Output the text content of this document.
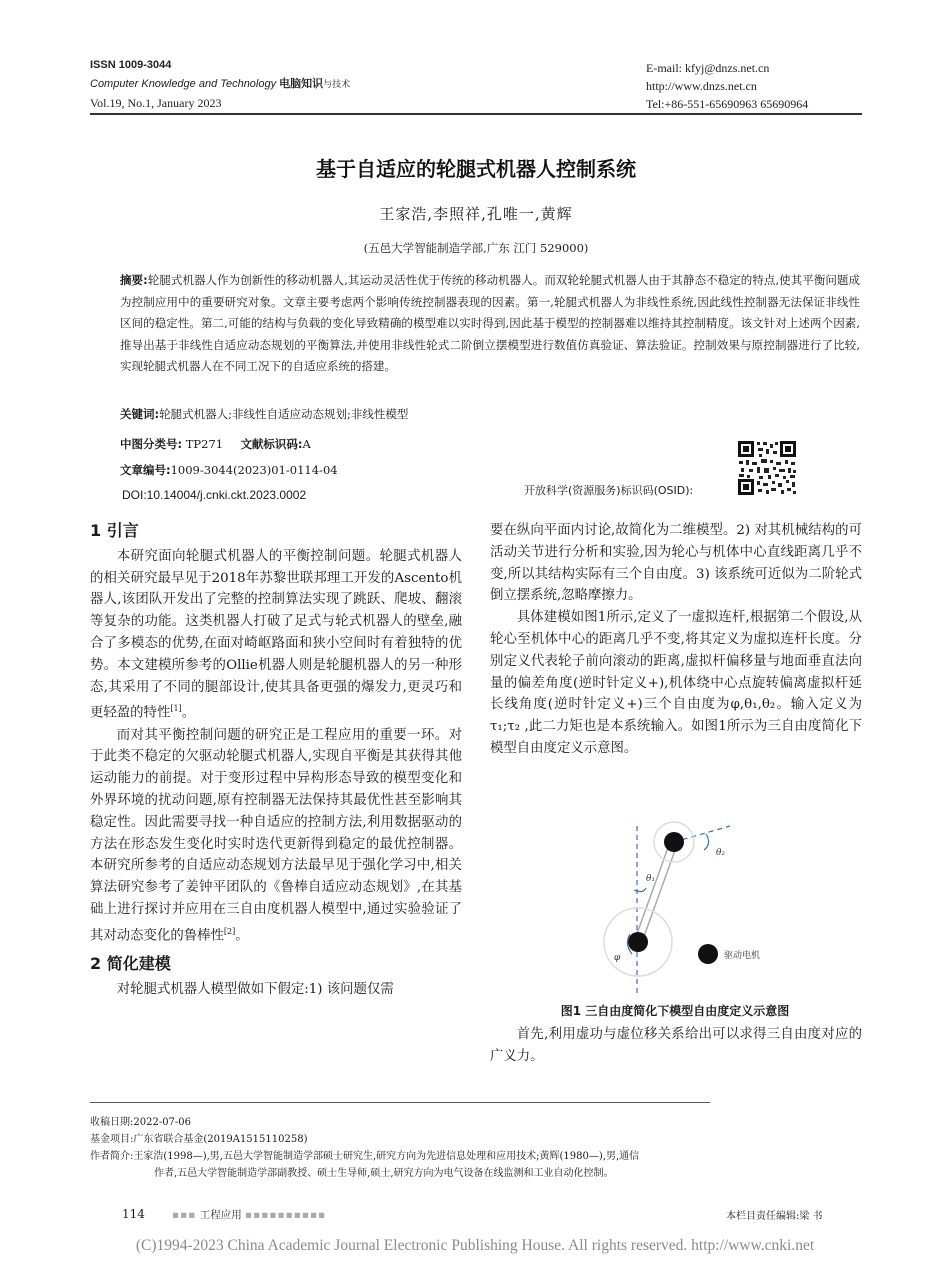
ISSN 1009-3044
Computer Knowledge and Technology 电脑知识与技术
Vol.19, No.1, January 2023
E-mail: kfyj@dnzs.net.cn
http://www.dnzs.net.cn
Tel:+86-551-65690963 65690964
基于自适应的轮腿式机器人控制系统
王家浩,李照祥,孔唯一,黄辉
(五邑大学智能制造学部,广东 江门 529000)
摘要:轮腿式机器人作为创新性的移动机器人,其运动灵活性优于传统的移动机器人。而双轮轮腿式机器人由于其静态不稳定的特点,使其平衡问题成为控制应用中的重要研究对象。文章主要考虑两个影响传统控制器表现的因素。第一,轮腿式机器人为非线性系统,因此线性控制器无法保证非线性区间的稳定性。第二,可能的结构与负载的变化导致精确的模型难以实时得到,因此基于模型的控制器难以维持其控制精度。该文针对上述两个因素,推导出基于非线性自适应动态规划的平衡算法,并使用非线性轮式二阶倒立摆模型进行数值仿真验证、算法验证。控制效果与原控制器进行了比较,实现轮腿式机器人在不同工况下的自适应系统的搭建。
关键词:轮腿式机器人;非线性自适应动态规划;非线性模型
中图分类号: TP271 文献标识码:A
文章编号:1009-3044(2023)01-0114-04
DOI:10.14004/j.cnki.ckt.2023.0002	开放科学(资源服务)标识码(OSID):
1 引言

本研究面向轮腿式机器人的平衡控制问题。轮腿式机器人的相关研究最早见于2018年苏黎世联邦理工开发的Ascento机器人,该团队开发出了完整的控制算法实现了跳跃、爬坡、翻滚等复杂的功能。这类机器人打破了足式与轮式机器人的壁垒,融合了多模态的优势,在面对崎岖路面和狭小空间时有着独特的优势。本文建模所参考的Ollie机器人则是轮腿机器人的另一种形态,其采用了不同的腿部设计,使其具备更强的爆发力,更灵巧和更轻盈的特性[1]。

而对其平衡控制问题的研究正是工程应用的重要一环。对于此类不稳定的欠驱动轮腿式机器人,实现自平衡是其获得其他运动能力的前提。对于变形过程中异构形态导致的模型变化和外界环境的扰动问题,原有控制器无法保持其最优性甚至影响其稳定性。因此需要寻找一种自适应的控制方法,利用数据驱动的方法在形态发生变化时实时迭代更新得到稳定的最优控制器。本研究所参考的自适应动态规划方法最早见于强化学习中,相关算法研究参考了姜钟平团队的《鲁棒自适应动态规划》,在其基础上进行探讨并应用在三自由度机器人模型中,通过实验验证了其对动态变化的鲁棒性[2]。

2 简化建模

对轮腿式机器人模型做如下假定:1) 该问题仅需

要在纵向平面内讨论,故简化为二维模型。2) 对其机械结构的可活动关节进行分析和实验,因为轮心与机体中心直线距离几乎不变,所以其结构实际有三个自由度。3) 该系统可近似为二阶轮式倒立摆系统,忽略摩擦力。

具体建模如图1所示,定义了一虚拟连杆,根据第二个假设,从轮心至机体中心的距离几乎不变,将其定义为虚拟连杆长度。分别定义代表轮子前向滚动的距离,虚拟杆偏移量与地面垂直法向量的偏差角度(逆时针定义+),机体绕中心点旋转偏离虚拟杆延长线角度(逆时针定义+)三个自由度为φ,θ₁,θ₂。输入定义为τ₁;τ₂ ,此二力矩也是本系统输入。如图1所示为三自由度简化下模型自由度定义示意图。

θ₁
θ₂
φ	驱动电机
图1 三自由度简化下模型自由度定义示意图

首先,利用虚功与虚位移关系给出可以求得三自由度对应的广义力。

收稿日期:2022-07-06
基金项目:广东省联合基金(2019A1515110258)
作者简介:王家浩(1998—),男,五邑大学智能制造学部硕士研究生,研究方向为先进信息处理和应用技术;黄辉(1980—),男,通信
作者,五邑大学智能制造学部副教授、硕士生导师,硕士,研究方向为电气设备在线监测和工业自动化控制。
114	▪▪▪ 工程应用 ▪▪▪▪▪▪▪▪▪▪	本栏目责任编辑:梁 书
(C)1994-2023 China Academic Journal Electronic Publishing House. All rights reserved. http://www.cnki.net
